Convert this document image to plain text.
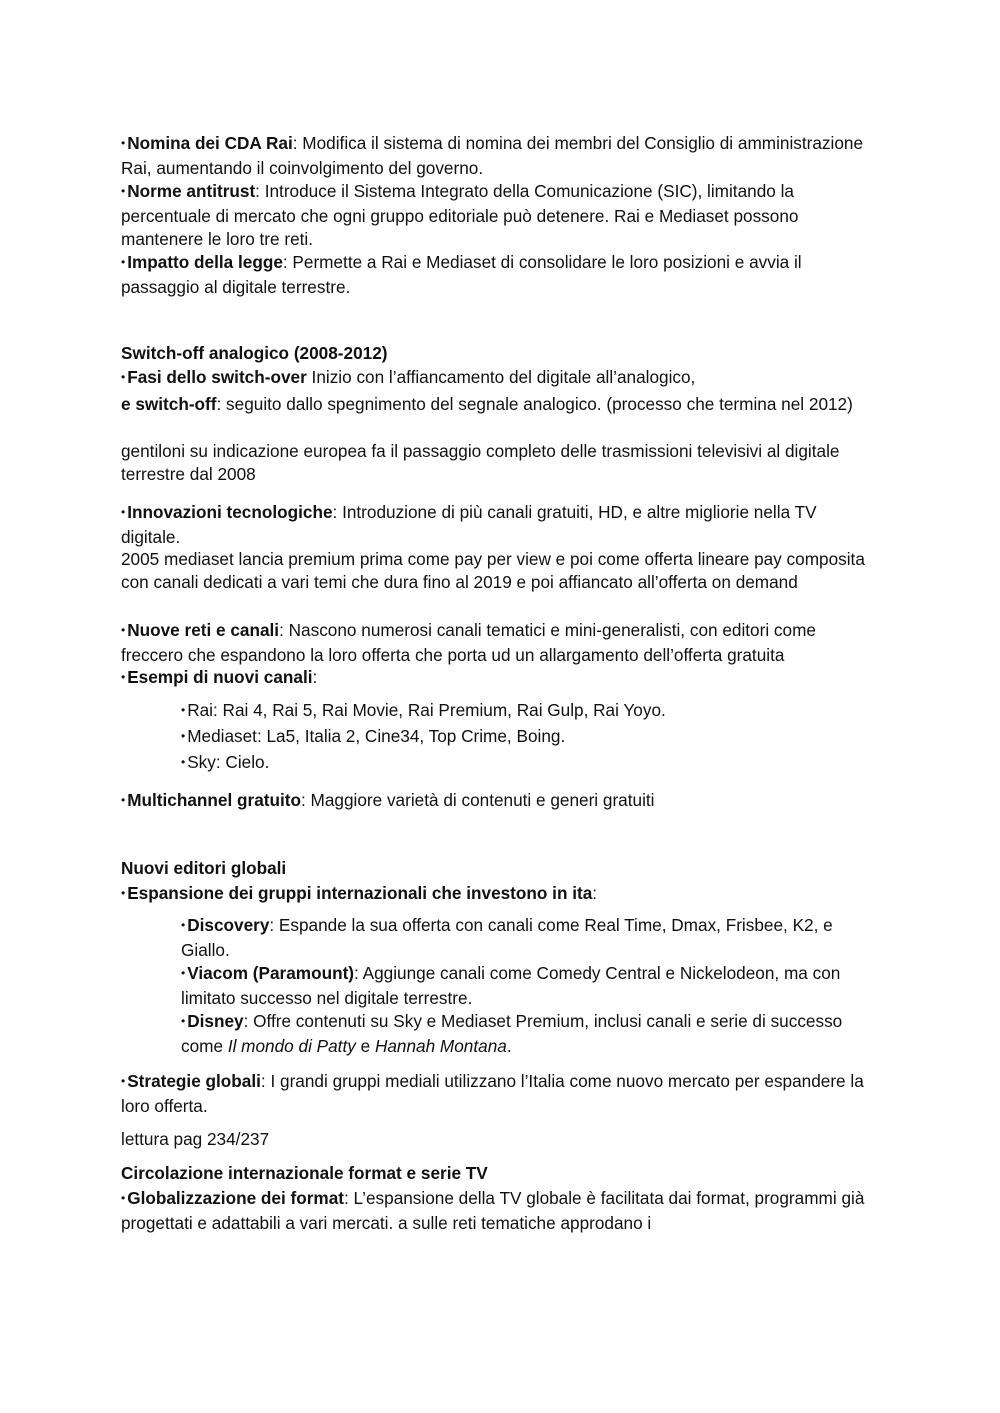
• Nomina dei CDA Rai: Modifica il sistema di nomina dei membri del Consiglio di amministrazione Rai, aumentando il coinvolgimento del governo.

• Norme antitrust: Introduce il Sistema Integrato della Comunicazione (SIC), limitando la percentuale di mercato che ogni gruppo editoriale può detenere. Rai e Mediaset possono mantenere le loro tre reti.

• Impatto della legge: Permette a Rai e Mediaset di consolidare le loro posizioni e avvia il passaggio al digitale terrestre.

Switch-off analogico (2008-2012)

• Fasi dello switch-over Inizio con l’affiancamento del digitale all’analogico,

e switch-off: seguito dallo spegnimento del segnale analogico. (processo che termina nel 2012)

gentiloni su indicazione europea fa il passaggio completo delle trasmissioni televisivi al digitale terrestre dal 2008

• Innovazioni tecnologiche: Introduzione di più canali gratuiti, HD, e altre migliorie nella TV digitale.

2005 mediaset lancia premium prima come pay per view e poi come offerta lineare pay composita con canali dedicati a vari temi che dura fino al 2019 e poi affiancato all’offerta on demand

• Nuove reti e canali: Nascono numerosi canali tematici e mini-generalisti, con editori come freccero che espandono la loro offerta che porta ud un allargamento dell’offerta gratuita

• Esempi di nuovi canali:

• Rai: Rai 4, Rai 5, Rai Movie, Rai Premium, Rai Gulp, Rai Yoyo.

• Mediaset: La5, Italia 2, Cine34, Top Crime, Boing.

• Sky: Cielo.

• Multichannel gratuito: Maggiore varietà di contenuti e generi gratuiti

Nuovi editori globali

• Espansione dei gruppi internazionali che investono in ita:

• Discovery: Espande la sua offerta con canali come Real Time, Dmax, Frisbee, K2, e Giallo.

• Viacom (Paramount): Aggiunge canali come Comedy Central e Nickelodeon, ma con limitato successo nel digitale terrestre.

• Disney: Offre contenuti su Sky e Mediaset Premium, inclusi canali e serie di successo come Il mondo di Patty e Hannah Montana.

• Strategie globali: I grandi gruppi mediali utilizzano l’Italia come nuovo mercato per espandere la loro offerta.

lettura pag 234/237

Circolazione internazionale format e serie TV

• Globalizzazione dei format: L’espansione della TV globale è facilitata dai format, programmi già progettati e adattabili a vari mercati. a sulle reti tematiche approdano i
